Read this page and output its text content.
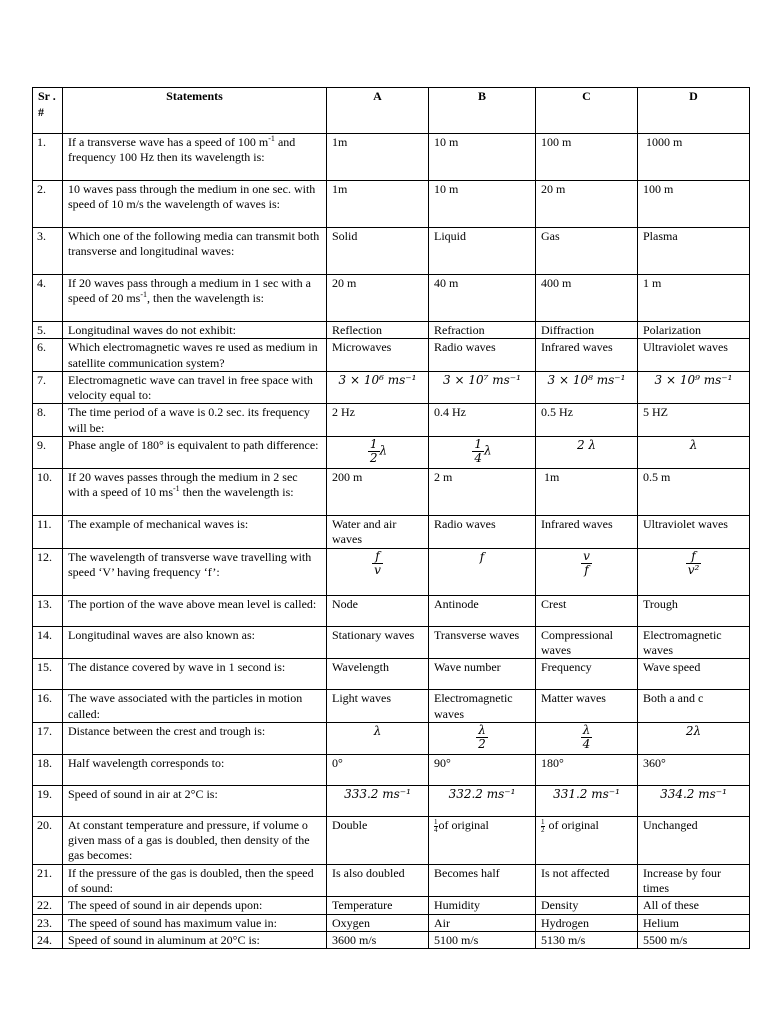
Sr . #	Statements	A	B	C	D
1.	If a transverse wave has a speed of 100 $m^{-1}$ and frequency 100 Hz then its wavelength is:	1m	10 m	100 m	1000 m
2.	10 waves pass through the medium in one sec. with speed of 10 m/s the wavelength of waves is:	1m	10 m	20 m	100 m
3.	Which one of the following media can transmit both transverse and longitudinal waves:	Solid	Liquid	Gas	Plasma
4.	If 20 waves pass through a medium in 1 sec with a speed of 20 $ms^{-1}$, then the wavelength is:	20 m	40 m	400 m	1 m
5.	Longitudinal waves do not exhibit:	Reflection	Refraction	Diffraction	Polarization
6.	Which electromagnetic waves re used as medium in satellite communication system?	Microwaves	Radio waves	Infrared waves	Ultraviolet waves
7.	Electromagnetic wave can travel in free space with velocity equal to:	3 × 10⁶ ms⁻¹	3 × 10⁷ ms⁻¹	3 × 10⁸ ms⁻¹	3 × 10⁹ ms⁻¹
8.	The time period of a wave is 0.2 sec. its frequency will be:	2 Hz	0.4 Hz	0.5 Hz	5 HZ
9.	Phase angle of 180° is equivalent to path difference:	$\frac{1}{2}$ λ	$\frac{1}{4}$ λ	2 λ	λ
10.	If 20 waves passes through the medium in 2 sec with a speed of 10 $ms^{-1}$ then the wavelength is:	200 m	2 m	1m	0.5 m
11.	The example of mechanical waves is:	Water and air waves	Radio waves	Infrared waves	Ultraviolet waves
12.	The wavelength of transverse wave travelling with speed ‘V’ having frequency ‘f’:	$\frac{f}{v}$	f	$\frac{v}{f}$	$\frac{f}{\text{v²}}$

13.	The portion of the wave above mean level is called:	Node	Antinode	Crest	Trough
14.	Longitudinal waves are also known as:	Stationary waves	Transverse waves	Compressional waves	Electromagnetic waves
15.	The distance covered by wave in 1 second is:	Wavelength	Wave number	Frequency	Wave speed
16.	The wave associated with the particles in motion called:	Light waves	Electromagnetic waves	Matter waves	Both a and c
17.	Distance between the crest and trough is:	λ	$\frac{\lambda}{2}$	$\frac{\lambda}{4}$	2λ
18.	Half wavelength corresponds to:	0°	90°	180°	360°
19.	Speed of sound in air at 2°C is:	333.2 ms⁻¹	332.2 ms⁻¹	331.2 ms⁻¹	334.2 ms⁻¹
20.	At constant temperature and pressure, if volume o given mass of a gas is doubled, then density of the gas becomes:	Double	$\frac{1}{4}$ of original	$\frac{1}{2}$ of original	Unchanged
21.	If the pressure of the gas is doubled, then the speed of sound:	Is also doubled	Becomes half	Is not affected	Increase by four times
22.	The speed of sound in air depends upon:	Temperature	Humidity	Density	All of these
23.	The speed of sound has maximum value in:	Oxygen	Air	Hydrogen	Helium
24.	Speed of sound in aluminum at 20°C is:	3600 m/s	5100 m/s	5130 m/s	5500 m/s
